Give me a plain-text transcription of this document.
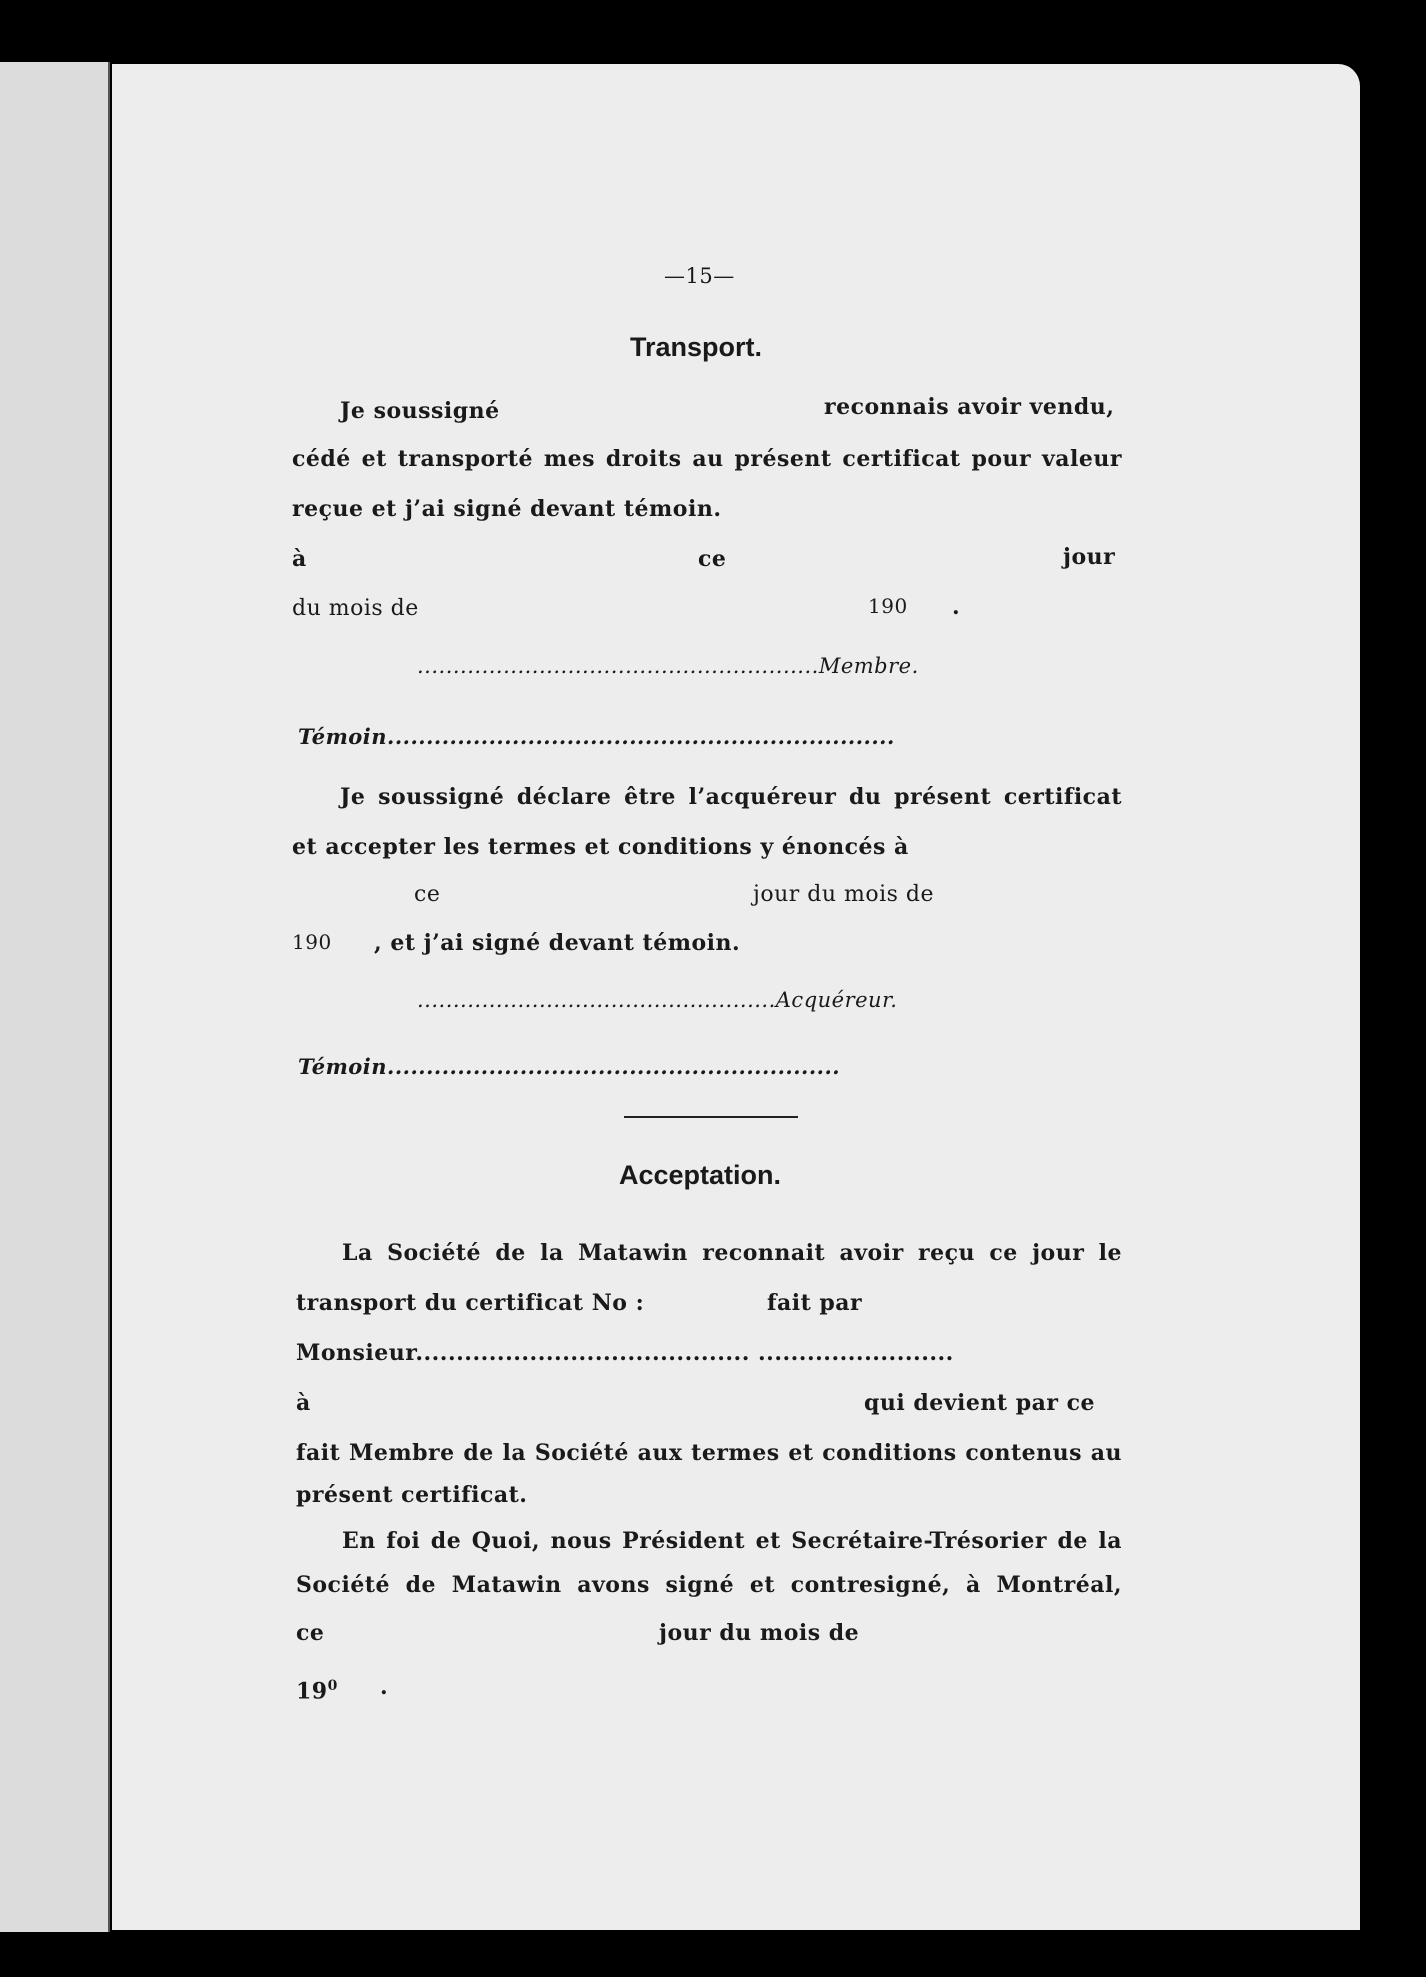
—15—
Transport.
Je soussigné	reconnais avoir vendu,
cédé et transporté mes droits au présent certificat pour valeur
reçue et j’ai signé devant témoin.
à	ce	jour
du mois de	190 .
........................................................Membre.
Témoin.................................................................
Je soussigné déclare être l’acquéreur du présent certificat
et accepter les termes et conditions y énoncés à
ce	jour du mois de
190 , et j’ai signé devant témoin.
..................................................Acquéreur.
Témoin..........................................................
Acceptation.
La Société de la Matawin reconnait avoir reçu ce jour le
transport du certificat No :	fait par
Monsieur......................................... ........................
à	qui devient par ce
fait Membre de la Société aux termes et conditions contenus au
présent certificat.
En foi de Quoi, nous Président et Secrétaire-Trésorier de la
Société de Matawin avons signé et contresigné, à Montréal,
ce	jour du mois de
$19^0$ .
